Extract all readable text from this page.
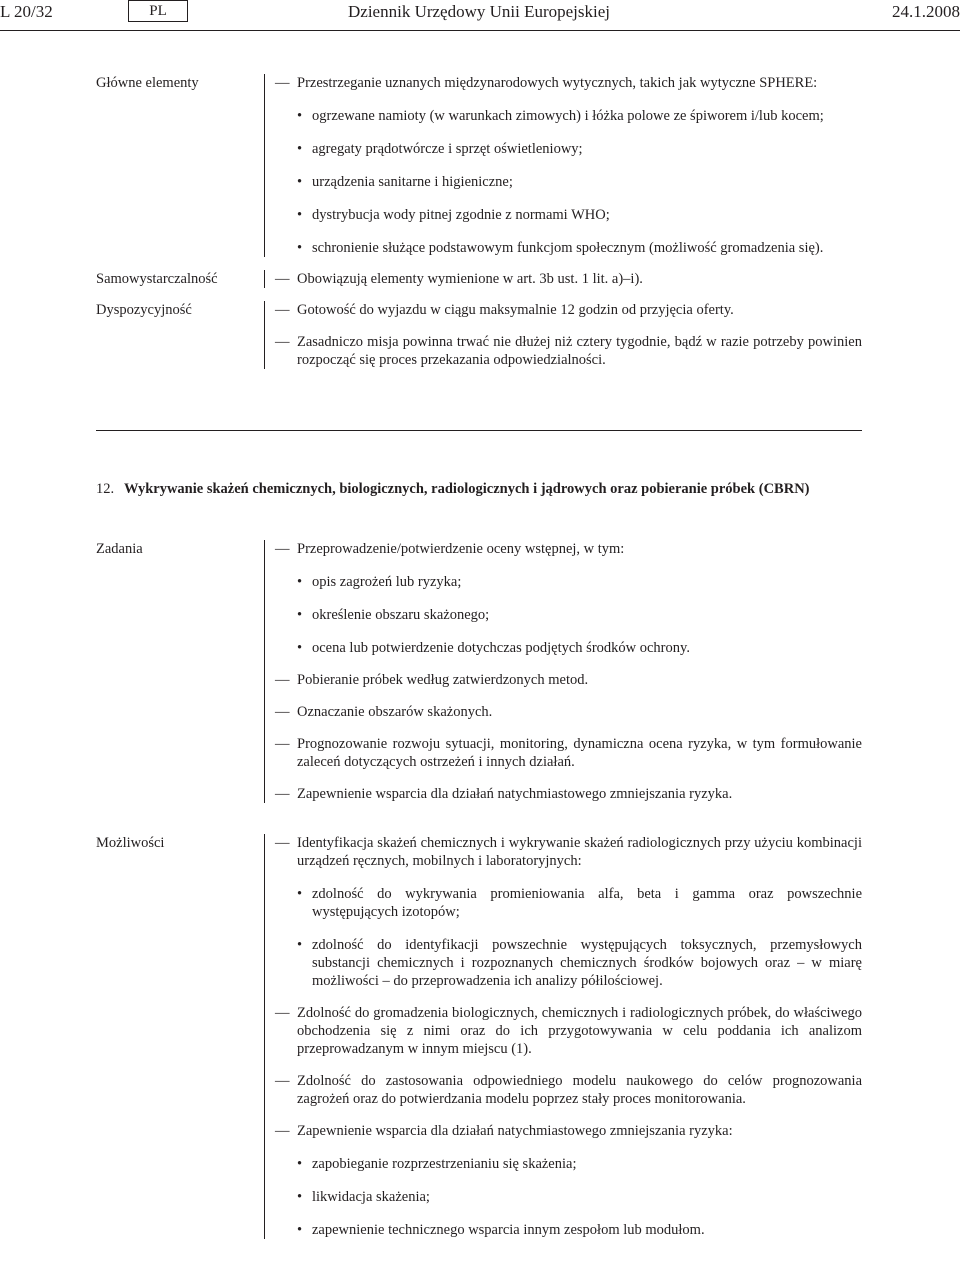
L 20/32	PL	Dziennik Urzędowy Unii Europejskiej	24.1.2008
Główne elementy	— Przestrzeganie uznanych międzynarodowych wytycznych, takich jak wytyczne SPHERE:
• ogrzewane namioty (w warunkach zimowych) i łóżka polowe ze śpiworem i/lub kocem;
• agregaty prądotwórcze i sprzęt oświetleniowy;
• urządzenia sanitarne i higieniczne;
• dystrybucja wody pitnej zgodnie z normami WHO;
• schronienie służące podstawowym funkcjom społecznym (możliwość gromadzenia się).
Samowystarczalność	— Obowiązują elementy wymienione w art. 3b ust. 1 lit. a)–i).
Dyspozycyjność	— Gotowość do wyjazdu w ciągu maksymalnie 12 godzin od przyjęcia oferty.
— Zasadniczo misja powinna trwać nie dłużej niż cztery tygodnie, bądź w razie potrzeby powinien rozpocząć się proces przekazania odpowiedzialności.
12. Wykrywanie skażeń chemicznych, biologicznych, radiologicznych i jądrowych oraz pobieranie próbek (CBRN)
Zadania	— Przeprowadzenie/potwierdzenie oceny wstępnej, w tym:
• opis zagrożeń lub ryzyka;
• określenie obszaru skażonego;
• ocena lub potwierdzenie dotychczas podjętych środków ochrony.
— Pobieranie próbek według zatwierdzonych metod.
— Oznaczanie obszarów skażonych.
— Prognozowanie rozwoju sytuacji, monitoring, dynamiczna ocena ryzyka, w tym formułowanie zaleceń dotyczących ostrzeżeń i innych działań.
— Zapewnienie wsparcia dla działań natychmiastowego zmniejszania ryzyka.
Możliwości	— Identyfikacja skażeń chemicznych i wykrywanie skażeń radiologicznych przy użyciu kombinacji urządzeń ręcznych, mobilnych i laboratoryjnych:
• zdolność do wykrywania promieniowania alfa, beta i gamma oraz powszechnie występujących izotopów;
• zdolność do identyfikacji powszechnie występujących toksycznych, przemysłowych substancji chemicznych i rozpoznanych chemicznych środków bojowych oraz – w miarę możliwości – do przeprowadzenia ich analizy półilościowej.
— Zdolność do gromadzenia biologicznych, chemicznych i radiologicznych próbek, do właściwego obchodzenia się z nimi oraz do ich przygotowywania w celu poddania ich analizom przeprowadzanym w innym miejscu (1).
— Zdolność do zastosowania odpowiedniego modelu naukowego do celów prognozowania zagrożeń oraz do potwierdzania modelu poprzez stały proces monitorowania.
— Zapewnienie wsparcia dla działań natychmiastowego zmniejszania ryzyka:
• zapobieganie rozprzestrzenianiu się skażenia;
• likwidacja skażenia;
• zapewnienie technicznego wsparcia innym zespołom lub modułom.
